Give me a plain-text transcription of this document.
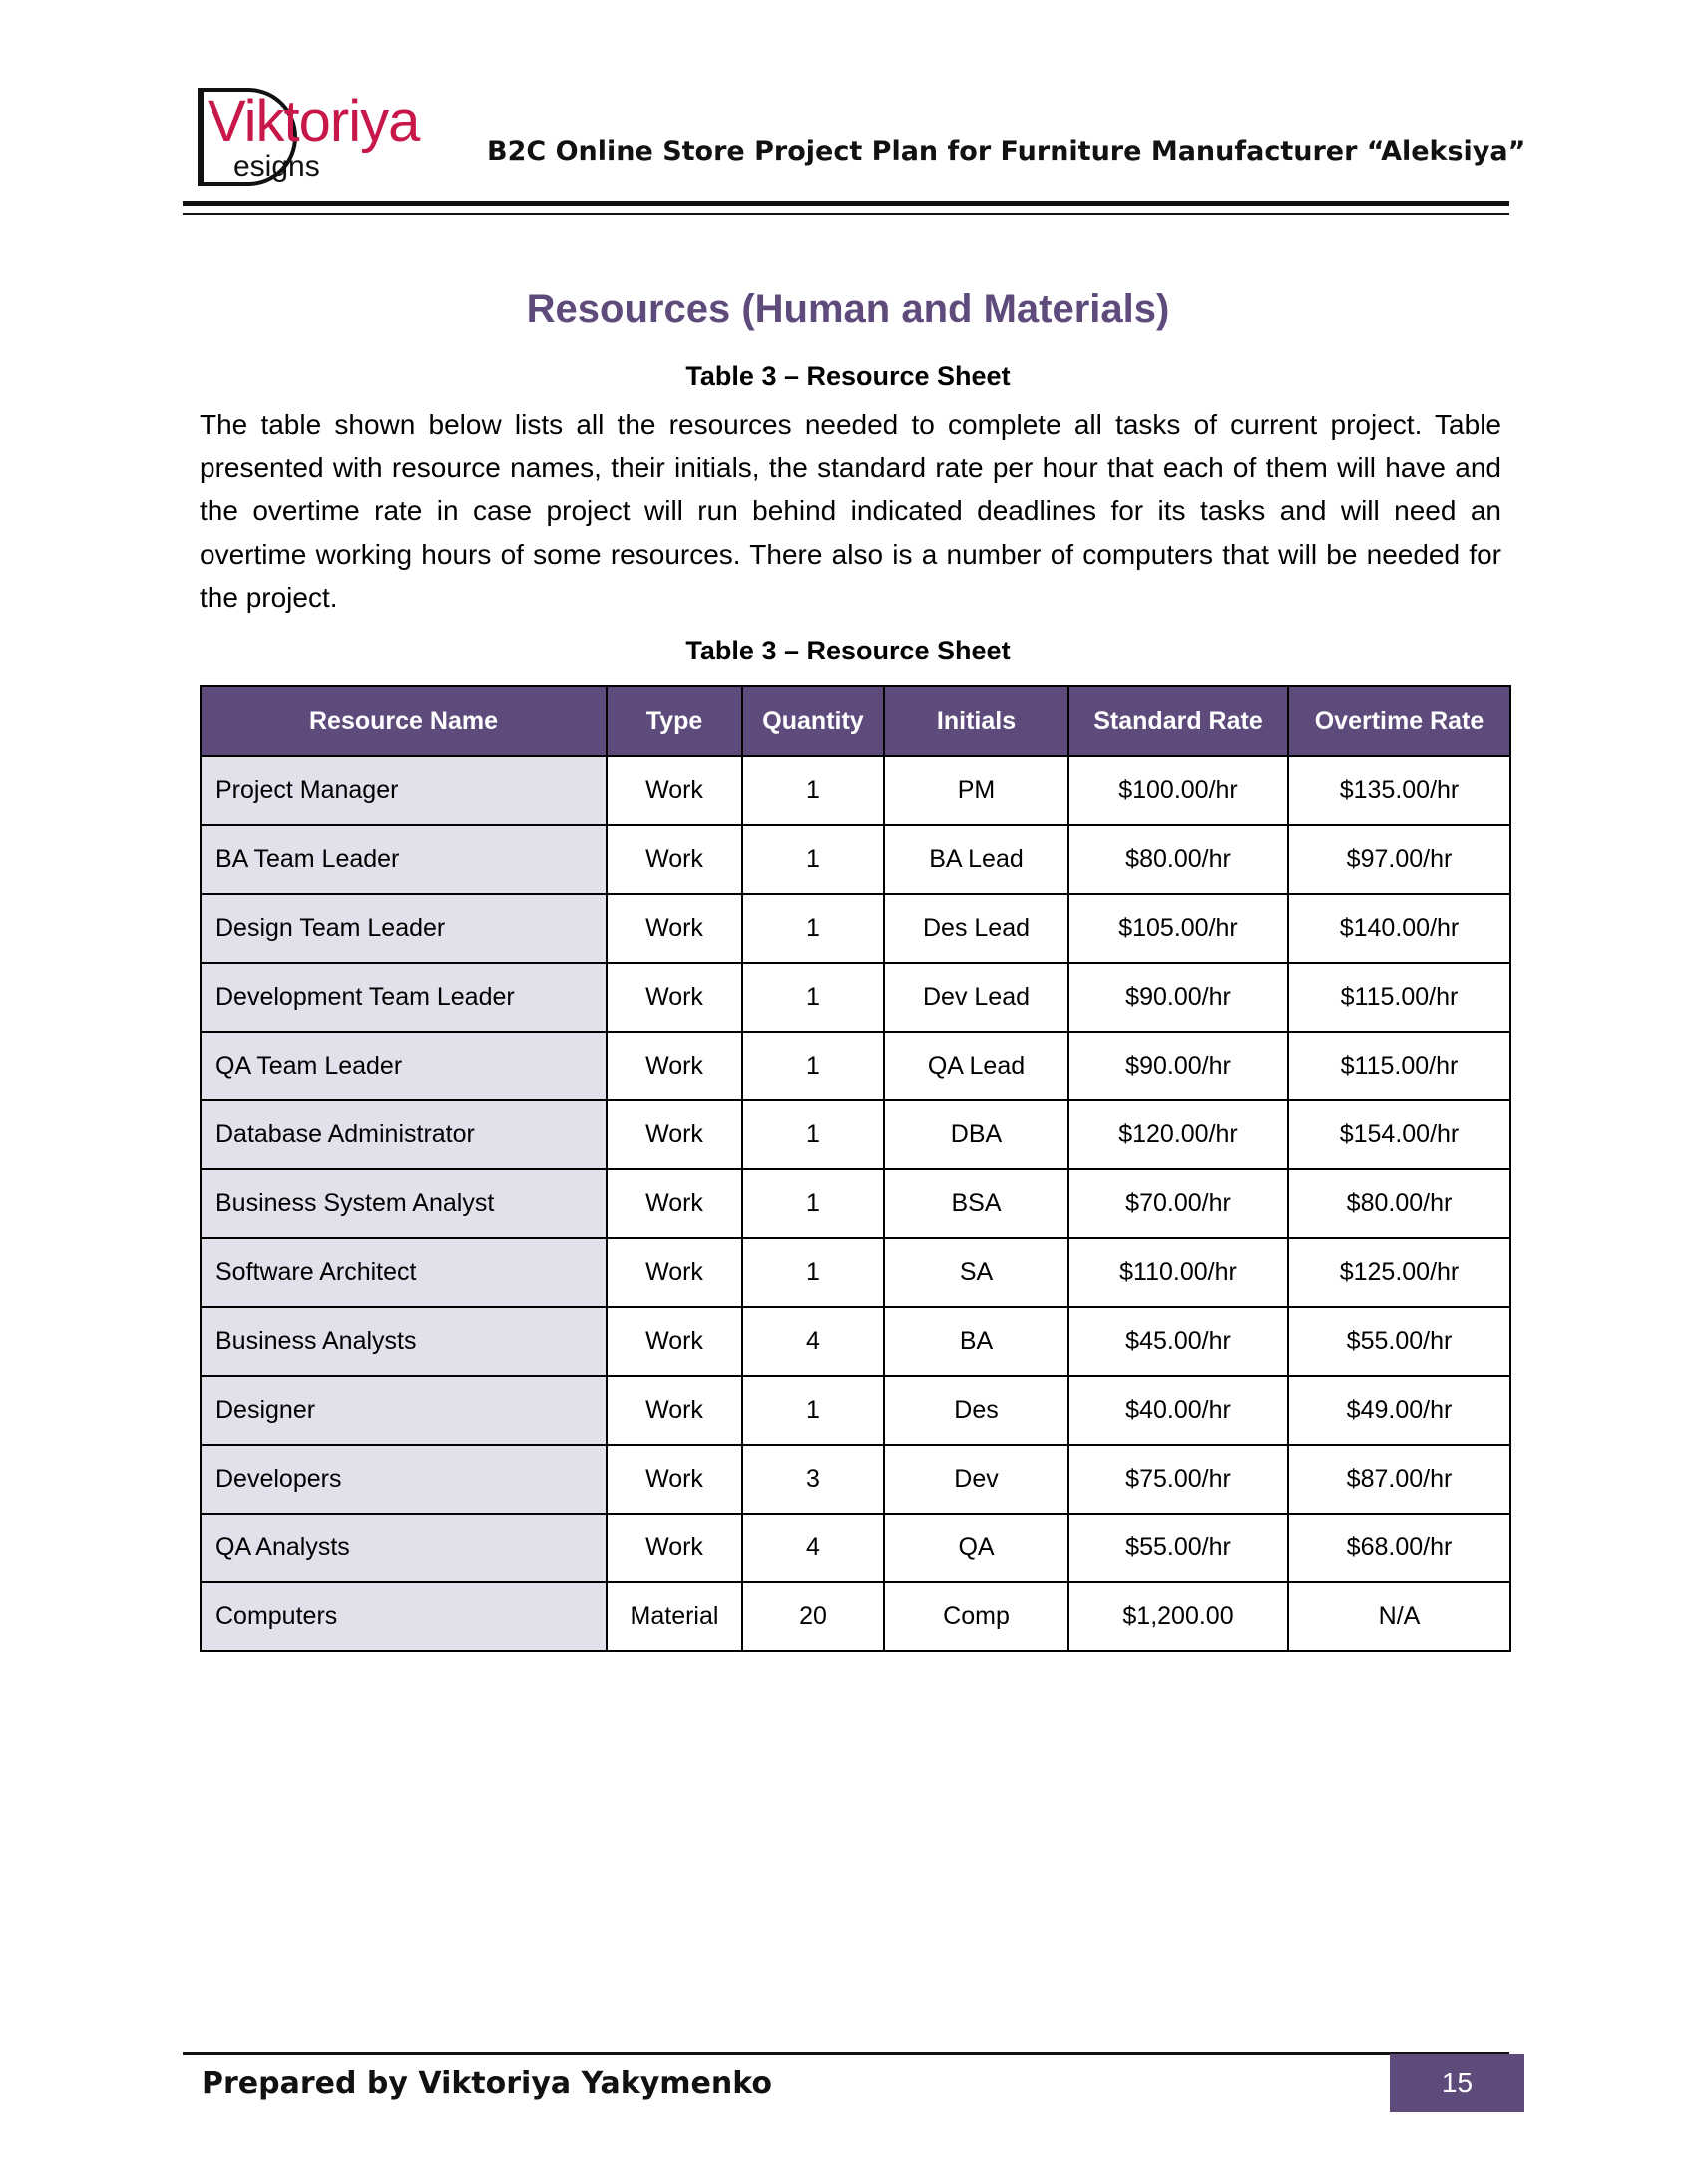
Viktoriya
esigns	B2C Online Store Project Plan for Furniture Manufacturer “Aleksiya”
Resources (Human and Materials)
Table 3 – Resource Sheet

The table shown below lists all the resources needed to complete all tasks of current project. Table presented with resource names, their initials, the standard rate per hour that each of them will have and the overtime rate in case project will run behind indicated deadlines for its tasks and will need an overtime working hours of some resources. There also is a number of computers that will be needed for the project.

Table 3 – Resource Sheet
Resource Name	Type	Quantity	Initials	Standard Rate	Overtime Rate
Project Manager	Work	1	PM	$100.00/hr	$135.00/hr
BA Team Leader	Work	1	BA Lead	$80.00/hr	$97.00/hr
Design Team Leader	Work	1	Des Lead	$105.00/hr	$140.00/hr
Development Team Leader	Work	1	Dev Lead	$90.00/hr	$115.00/hr
QA Team Leader	Work	1	QA Lead	$90.00/hr	$115.00/hr
Database Administrator	Work	1	DBA	$120.00/hr	$154.00/hr
Business System Analyst	Work	1	BSA	$70.00/hr	$80.00/hr
Software Architect	Work	1	SA	$110.00/hr	$125.00/hr
Business Analysts	Work	4	BA	$45.00/hr	$55.00/hr
Designer	Work	1	Des	$40.00/hr	$49.00/hr
Developers	Work	3	Dev	$75.00/hr	$87.00/hr
QA Analysts	Work	4	QA	$55.00/hr	$68.00/hr
Computers	Material	20	Comp	$1,200.00	N/A
Prepared by Viktoriya Yakymenko	15
